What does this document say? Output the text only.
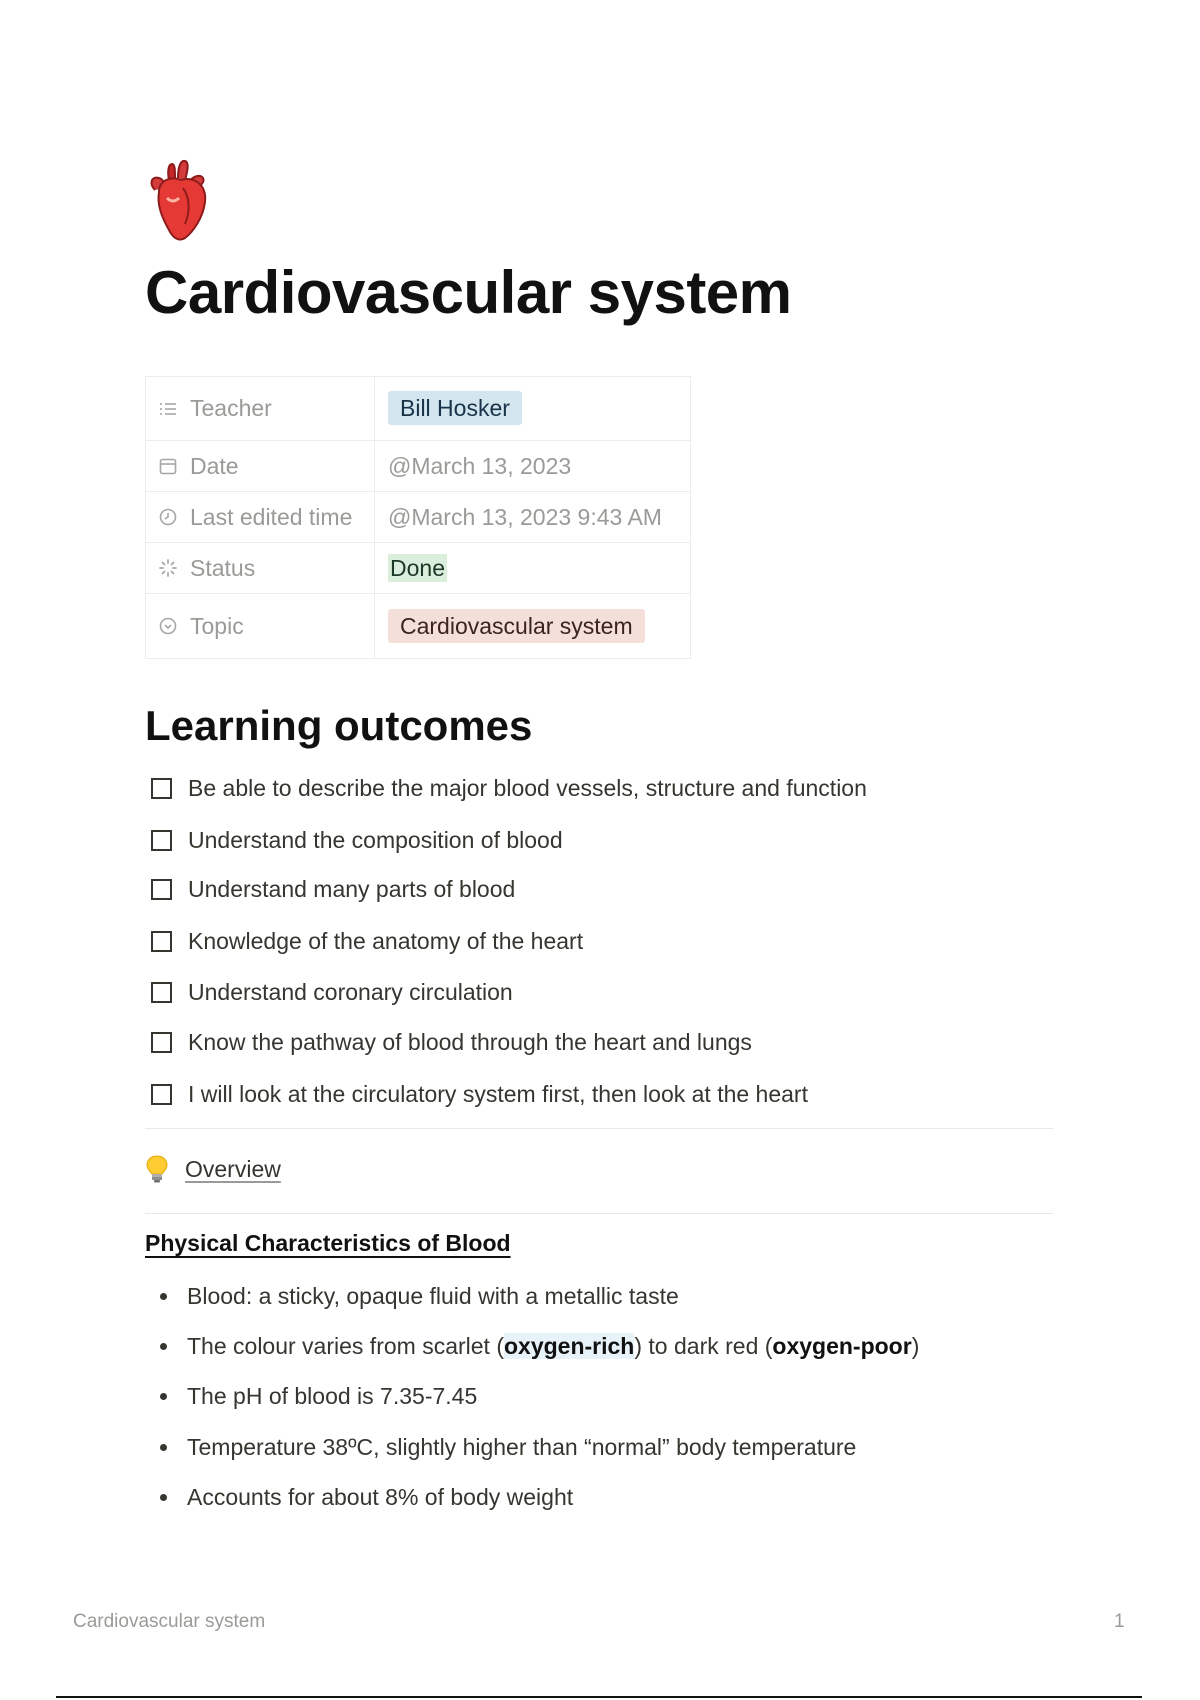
Cardiovascular system
Teacher	Bill Hosker

Date	@March 13, 2023

Last edited time	@March 13, 2023 9:43 AM

Status	Done

Topic	Cardiovascular system
Learning outcomes
Be able to describe the major blood vessels, structure and function
Understand the composition of blood
Understand many parts of blood
Knowledge of the anatomy of the heart
Understand coronary circulation
Know the pathway of blood through the heart and lungs
I will look at the circulatory system first, then look at the heart
Overview
Physical Characteristics of Blood
Blood: a sticky, opaque fluid with a metallic taste
The colour varies from scarlet (oxygen-rich) to dark red (oxygen-poor)
The pH of blood is 7.35-7.45
Temperature 38ºC, slightly higher than “normal” body temperature
Accounts for about 8% of body weight
Cardiovascular system	1
